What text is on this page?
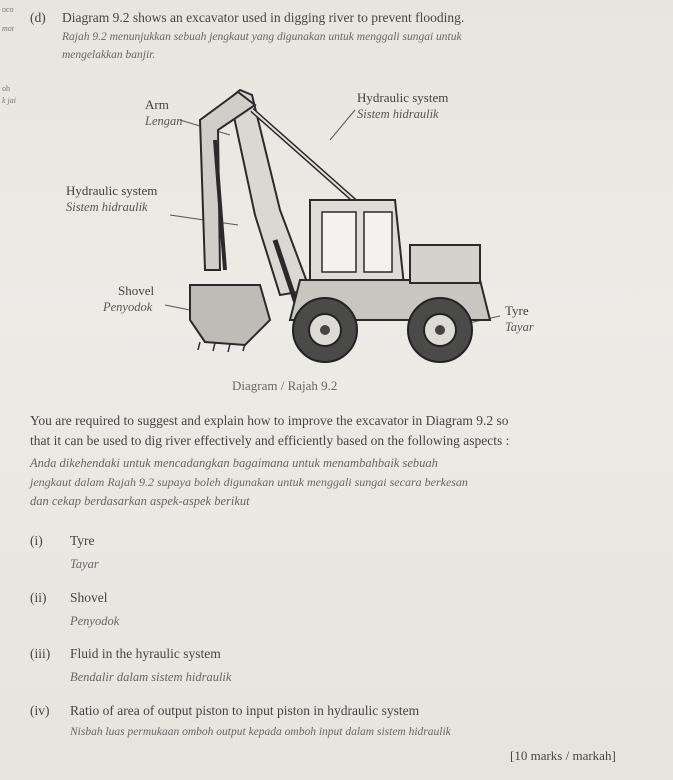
oco
mot
oh
k jai
(d) Diagram 9.2 shows an excavator used in digging river to prevent flooding.
Rajah 9.2 menunjukkan sebuah jengkaut yang digunakan untuk menggali sungai untuk
mengelakkan banjir.
Arm
Lengan
Hydraulic system
Sistem hidraulik
Hydraulic system
Sistem hidraulik
Shovel
Penyodok	Tyre
Tayar
Diagram / Rajah 9.2
You are required to suggest and explain how to improve the excavator in Diagram 9.2 so
that it can be used to dig river effectively and efficiently based on the following aspects :
Anda dikehendaki untuk mencadangkan bagaimana untuk menambahbaik sebuah
jengkaut dalam Rajah 9.2 supaya boleh digunakan untuk menggali sungai secara berkesan
dan cekap berdasarkan aspek-aspek berikut
(i) Tyre
Tayar
(ii) Shovel
Penyodok
(iii) Fluid in the hyraulic system
Bendalir dalam sistem hidraulik
(iv) Ratio of area of output piston to input piston in hydraulic system
Nisbah luas permukaan omboh output kepada omboh input dalam sistem hidraulik
[10 marks / markah]
